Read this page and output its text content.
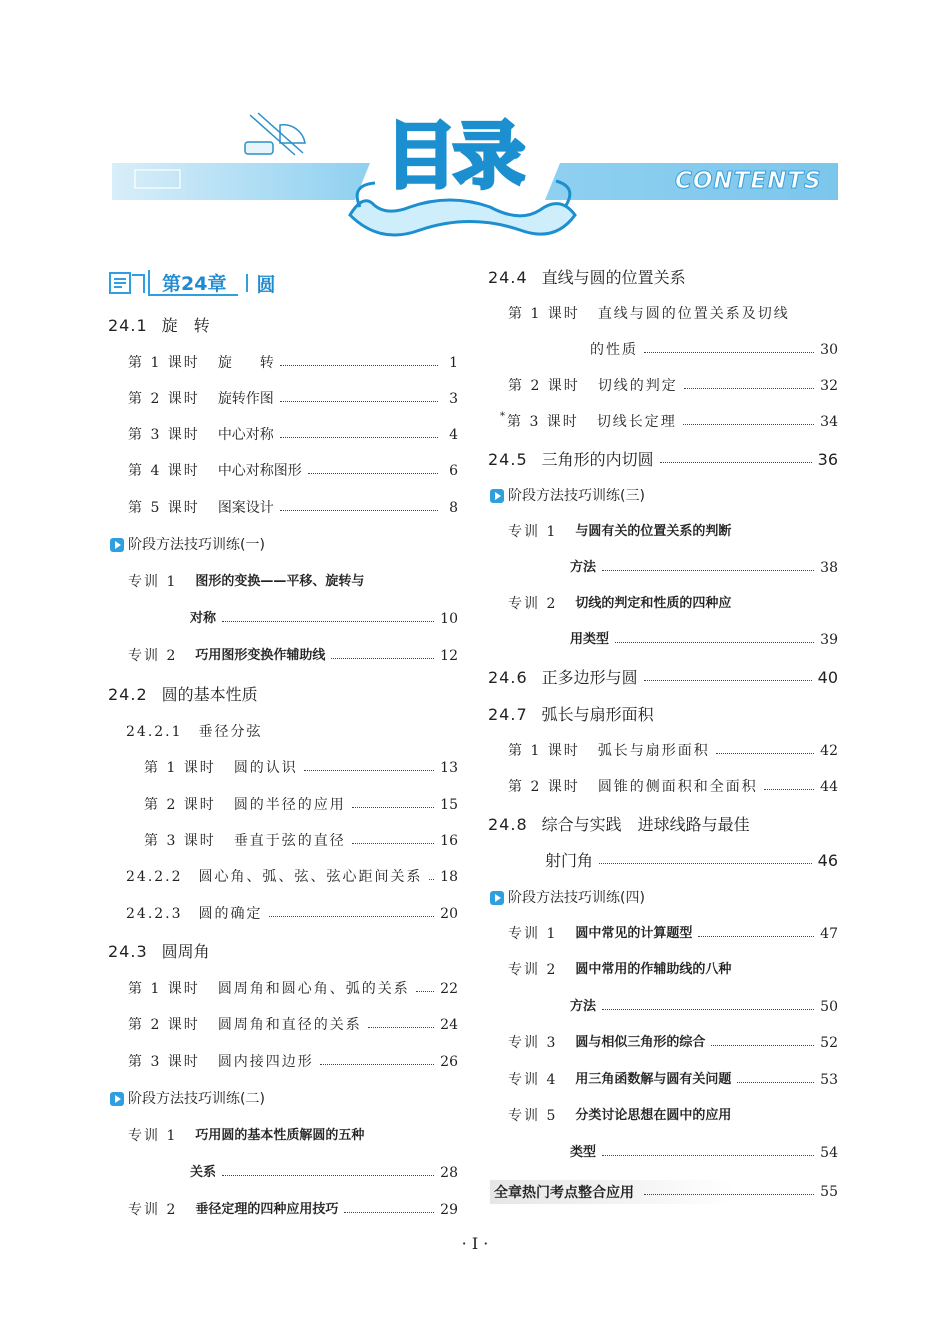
目录	CONTENTS
第24章 圆
24.1 旋　转
第 1 课时 旋　　转	1
第 2 课时 旋转作图	3
第 3 课时 中心对称	4
第 4 课时 中心对称图形	6
第 5 课时 图案设计	8
阶段方法技巧训练(一)
专训 1 图形的变换——平移、旋转与
对称	10
专训 2 巧用图形变换作辅助线	12
24.2 圆的基本性质
24.2.1 垂径分弦
第 1 课时 圆的认识	13
第 2 课时 圆的半径的应用	15
第 3 课时 垂直于弦的直径	16
24.2.2 圆心角、弧、弦、弦心距间关系 18
24.2.3 圆的确定	20
24.3 圆周角
第 1 课时 圆周角和圆心角、弧的关系 22
第 2 课时 圆周角和直径的关系	24
第 3 课时 圆内接四边形	26
阶段方法技巧训练(二)
专训 1 巧用圆的基本性质解圆的五种
关系	28
专训 2 垂径定理的四种应用技巧	29
24.4 直线与圆的位置关系
第 1 课时 直线与圆的位置关系及切线
的性质	30
第 2 课时 切线的判定	32
* 第 3 课时 切线长定理	34
24.5 三角形的内切圆	36
阶段方法技巧训练(三)
专训 1 与圆有关的位置关系的判断
方法	38
专训 2 切线的判定和性质的四种应
用类型	39
24.6 正多边形与圆	40
24.7 弧长与扇形面积
第 1 课时 弧长与扇形面积	42
第 2 课时 圆锥的侧面积和全面积	44
24.8 综合与实践　进球线路与最佳
射门角	46
阶段方法技巧训练(四)
专训 1 圆中常见的计算题型	47
专训 2 圆中常用的作辅助线的八种
方法	50
专训 3 圆与相似三角形的综合	52
专训 4 用三角函数解与圆有关问题	53
专训 5 分类讨论思想在圆中的应用
类型	54
全章热门考点整合应用	55
· I ·
